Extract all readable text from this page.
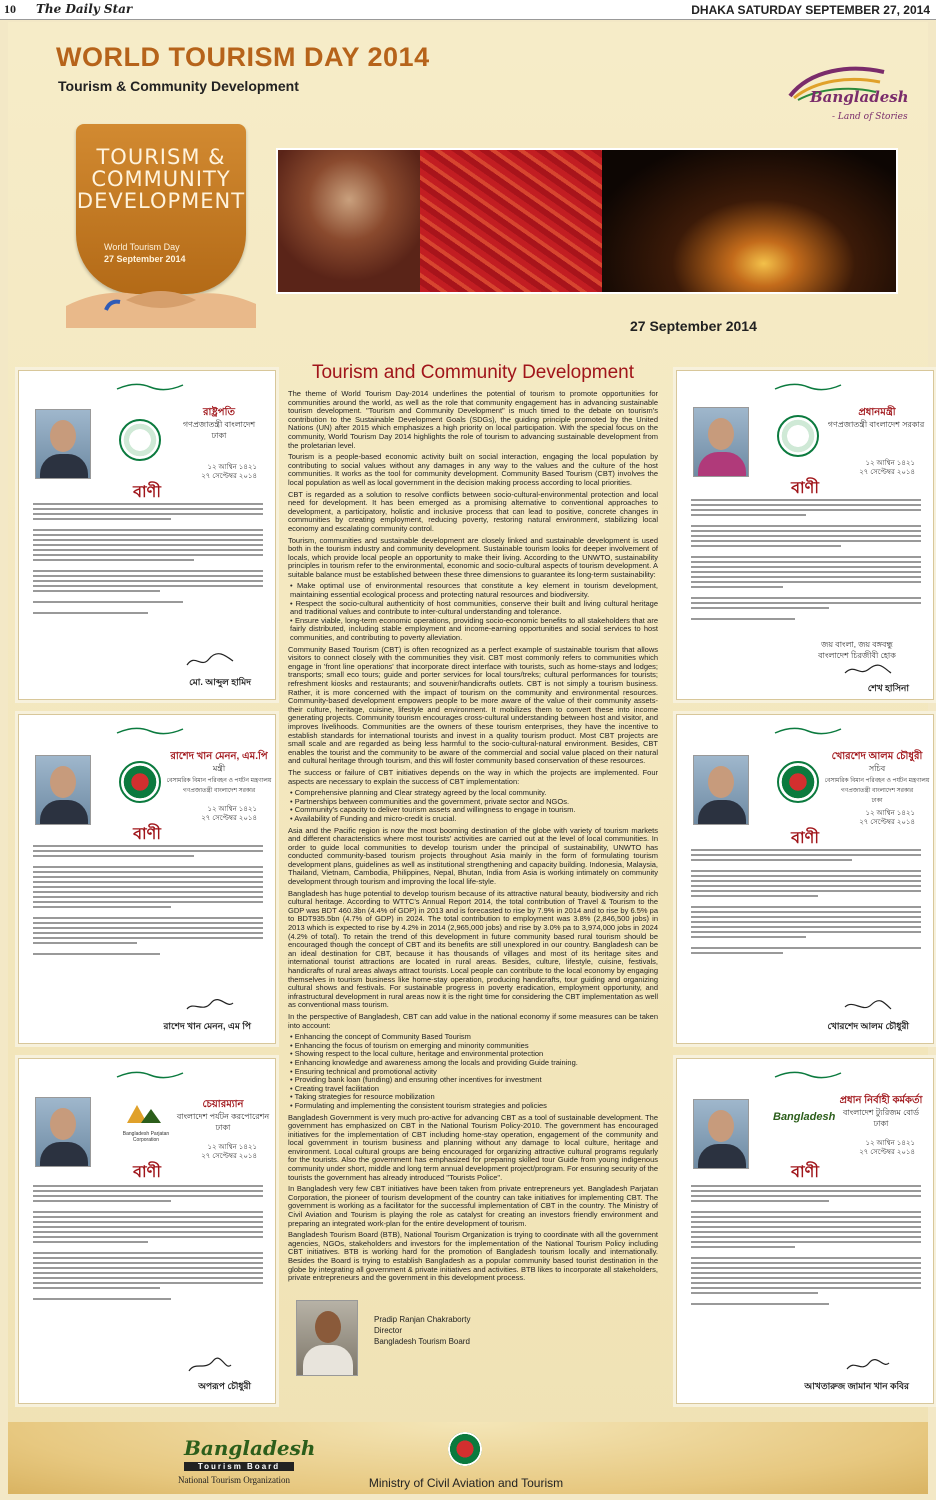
10 The Daily Star	DHAKA SATURDAY SEPTEMBER 27, 2014
WORLD TOURISM DAY 2014
Tourism & Community Development
Bangladesh
- Land of Stories
TOURISM &
COMMUNITY
DEVELOPMENT
World Tourism Day
27 September 2014
27 September 2014
রাষ্ট্রপতি
গণপ্রজাতন্ত্রী বাংলাদেশ
ঢাকা
১২ আশ্বিন ১৪২১
২৭ সেপ্টেম্বর ২০১৪
বাণী
মো. আব্দুল হামিদ
রাশেদ খান মেনন, এম.পি
মন্ত্রী
বেসামরিক বিমান পরিবহন ও পর্যটন মন্ত্রণালয়
গণপ্রজাতন্ত্রী বাংলাদেশ সরকার
১২ আশ্বিন ১৪২১
২৭ সেপ্টেম্বর ২০১৪
বাণী
রাশেদ খান মেনন, এম পি
Bangladesh Parjatan Corporation
চেয়ারম্যান
বাংলাদেশ পর্যটন করপোরেশন
ঢাকা
১২ আশ্বিন ১৪২১
২৭ সেপ্টেম্বর ২০১৪
বাণী
অপরূপ চৌধুরী
প্রধানমন্ত্রী
গণপ্রজাতন্ত্রী বাংলাদেশ সরকার
১২ আশ্বিন ১৪২১
২৭ সেপ্টেম্বর ২০১৪
বাণী
জয় বাংলা, জয় বঙ্গবন্ধু
বাংলাদেশ চিরজীবী হোক
শেখ হাসিনা
খোরশেদ আলম চৌধুরী
সচিব
বেসামরিক বিমান পরিবহন ও পর্যটন মন্ত্রণালয়
গণপ্রজাতন্ত্রী বাংলাদেশ সরকার
ঢাকা
১২ আশ্বিন ১৪২১
২৭ সেপ্টেম্বর ২০১৪
বাণী
খোরশেদ আলম চৌধুরী
Bangladesh
প্রধান নির্বাহী কর্মকর্তা
বাংলাদেশ ট্যুরিজম বোর্ড
ঢাকা
১২ আশ্বিন ১৪২১
২৭ সেপ্টেম্বর ২০১৪
বাণী
আখতারুজ জামান খান কবির
Tourism and Community Development

The theme of World Tourism Day-2014 underlines the potential of tourism to promote opportunities for communities around the world, as well as the role that community engagement has in advancing sustainable tourism development. "Tourism and Community Development" is much timed to the debate on tourism's contribution to the Sustainable Development Goals (SDGs), the guiding principle promoted by the United Nations (UN) after 2015 which emphasizes a high priority on local participation. With the special focus on the community, World Tourism Day 2014 highlights the role of tourism to advancing sustainable development from the proletarian level.

Tourism is a people-based economic activity built on social interaction, engaging the local population by contributing to social values without any damages in any way to the values and the culture of the host communities. It works as the tool for community development. Community Based Tourism (CBT) involves the local population as well as local government in the decision making process according to local priorities.

CBT is regarded as a solution to resolve conflicts between socio-cultural-environmental protection and local need for development. It has been emerged as a promising alternative to conventional approaches to development, a participatory, holistic and inclusive process that can lead to positive, concrete changes in communities by creating employment, reducing poverty, restoring natural environment, stabilizing local economy and escalating community control.

Tourism, communities and sustainable development are closely linked and sustainable development is used both in the tourism industry and community development. Sustainable tourism looks for deeper involvement of locals, which provide local people an opportunity to make their living. According to the UNWTO, sustainability principles in tourism refer to the environmental, economic and socio-cultural aspects of tourism development. A suitable balance must be established between these three dimensions to guarantee its long-term sustainability:

• Make optimal use of environmental resources that constitute a key element in tourism development, maintaining essential ecological process and protecting natural resources and biodiversity.
• Respect the socio-cultural authenticity of host communities, conserve their built and living cultural heritage and traditional values and contribute to inter-cultural understanding and tolerance.
• Ensure viable, long-term economic operations, providing socio-economic benefits to all stakeholders that are fairly distributed, including stable employment and income-earning opportunities and social services to host communities, and contributing to poverty alleviation.

Community Based Tourism (CBT) is often recognized as a perfect example of sustainable tourism that allows visitors to connect closely with the communities they visit. CBT most commonly refers to communities which engage in 'front line operations' that incorporate direct interface with tourists, such as home-stays and lodges; transports; small eco tours; guide and porter services for local tours/treks; cultural performances for tourists; refreshment kiosks and restaurants; and souvenir/handicrafts outlets. CBT is not simply a tourism business. Rather, it is more concerned with the impact of tourism on the community and environmental resources. Community-based development empowers people to be more aware of the value of their community assets- their culture, heritage, cuisine, lifestyle and environment. It mobilizes them to convert these into income generating projects. Community tourism encourages cross-cultural understanding between host and visitor, and improves livelihoods. Communities are the owners of these tourism enterprises, they have the incentive to establish standards for international tourists and invest in a quality tourism product. Most CBT projects are small scale and are regarded as being less harmful to the socio-cultural-natural environment. Besides, CBT enables the tourist and the community to be aware of the commercial and social value placed on their natural and cultural heritage through tourism, and this will foster community based conservation of these resources.

The success or failure of CBT initiatives depends on the way in which the projects are implemented. Four aspects are necessary to explain the success of CBT implementation:

• Comprehensive planning and Clear strategy agreed by the local community.
• Partnerships between communities and the government, private sector and NGOs.
• Community's capacity to deliver tourism assets and willingness to engage in tourism.
• Availability of Funding and micro-credit is crucial.

Asia and the Pacific region is now the most booming destination of the globe with variety of tourism markets and different characteristics where most tourists' activities are carried out at the level of local communities. In order to guide local communities to develop tourism under the principal of sustainability, UNWTO has conducted community-based tourism projects throughout Asia mainly in the form of formulating tourism development plans, guidelines as well as institutional strengthening and capacity building. Indonesia, Malaysia, Thailand, Vietnam, Cambodia, Philippines, Nepal, Bhutan, India from Asia is working intimately on community development through tourism and improving the local life-style.

Bangladesh has huge potential to develop tourism because of its attractive natural beauty, biodiversity and rich cultural heritage. According to WTTC's Annual Report 2014, the total contribution of Travel & Tourism to the GDP was BDT 460.3bn (4.4% of GDP) in 2013 and is forecasted to rise by 7.9% in 2014 and to rise by 6.5% pa to BDT935.5bn (4.7% of GDP) in 2024. The total contribution to employment was 3.8% (2,846,500 jobs) in 2013 which is expected to rise by 4.2% in 2014 (2,965,000 jobs) and rise by 3.0% pa to 3,974,000 jobs in 2024 (4.2% of total). To retain the trend of this development in future community based rural tourism should be encouraged though the concept of CBT and its benefits are still unexplored in our country. Bangladesh can be an ideal destination for CBT, because it has thousands of villages and most of its heritage sites and international tourist attractions are located in rural areas. Besides, culture, lifestyle, cuisine, festivals, handicrafts of rural areas always attract tourists. Local people can contribute to the local economy by engaging themselves in tourism business like home-stay operation, producing handicrafts, tour guiding and organizing cultural shows and festivals. For sustainable progress in poverty eradication, employment opportunity, and infrastructural development in rural areas now it is the right time for considering the CBT implementation as well as conventional mass tourism.

In the perspective of Bangladesh, CBT can add value in the national economy if some measures can be taken into account:

• Enhancing the concept of Community Based Tourism
• Enhancing the focus of tourism on emerging and minority communities
• Showing respect to the local culture, heritage and environmental protection
• Enhancing knowledge and awareness among the locals and providing Guide training.
• Ensuring technical and promotional activity
• Providing bank loan (funding) and ensuring other incentives for investment
• Creating travel facilitation
• Taking strategies for resource mobilization
• Formulating and implementing the consistent tourism strategies and policies

Bangladesh Government is very much pro-active for advancing CBT as a tool of sustainable development. The government has emphasized on CBT in the National Tourism Policy-2010. The government has encouraged initiatives for the implementation of CBT including home-stay operation, engagement of the community and local government in tourism business and planning without any damage to local culture, heritage and environment. Local cultural groups are being encouraged for organizing attractive cultural programs regularly for the tourists. Also the government has emphasized for preparing skilled tour Guide from young indigenous community under short, middle and long term annual development project/program. For ensuring security of the tourists the government has already introduced "Tourists Police".

In Bangladesh very few CBT initiatives have been taken from private entrepreneurs yet. Bangladesh Parjatan Corporation, the pioneer of tourism development of the country can take initiatives for implementing CBT. The government is working as a facilitator for the successful implementation of CBT in the country. The Ministry of Civil Aviation and Tourism is playing the role as catalyst for creating an investors friendly environment and preparing an integrated work-plan for the entire development of tourism.

Bangladesh Tourism Board (BTB), National Tourism Organization is trying to coordinate with all the government agencies, NGOs, stakeholders and investors for the implementation of the National Tourism Policy including CBT initiatives. BTB is working hard for the promotion of Bangladesh tourism locally and internationally. Besides the Board is trying to establish Bangladesh as a popular community based tourist destination in the globe by integrating all government & private initiatives and activities. BTB likes to incorporate all stakeholders, private entrepreneurs and the government in this development process.

Pradip Ranjan Chakraborty
Director
Bangladesh Tourism Board
Bangladesh
Tourism Board
National Tourism Organization	Ministry of Civil Aviation and Tourism
